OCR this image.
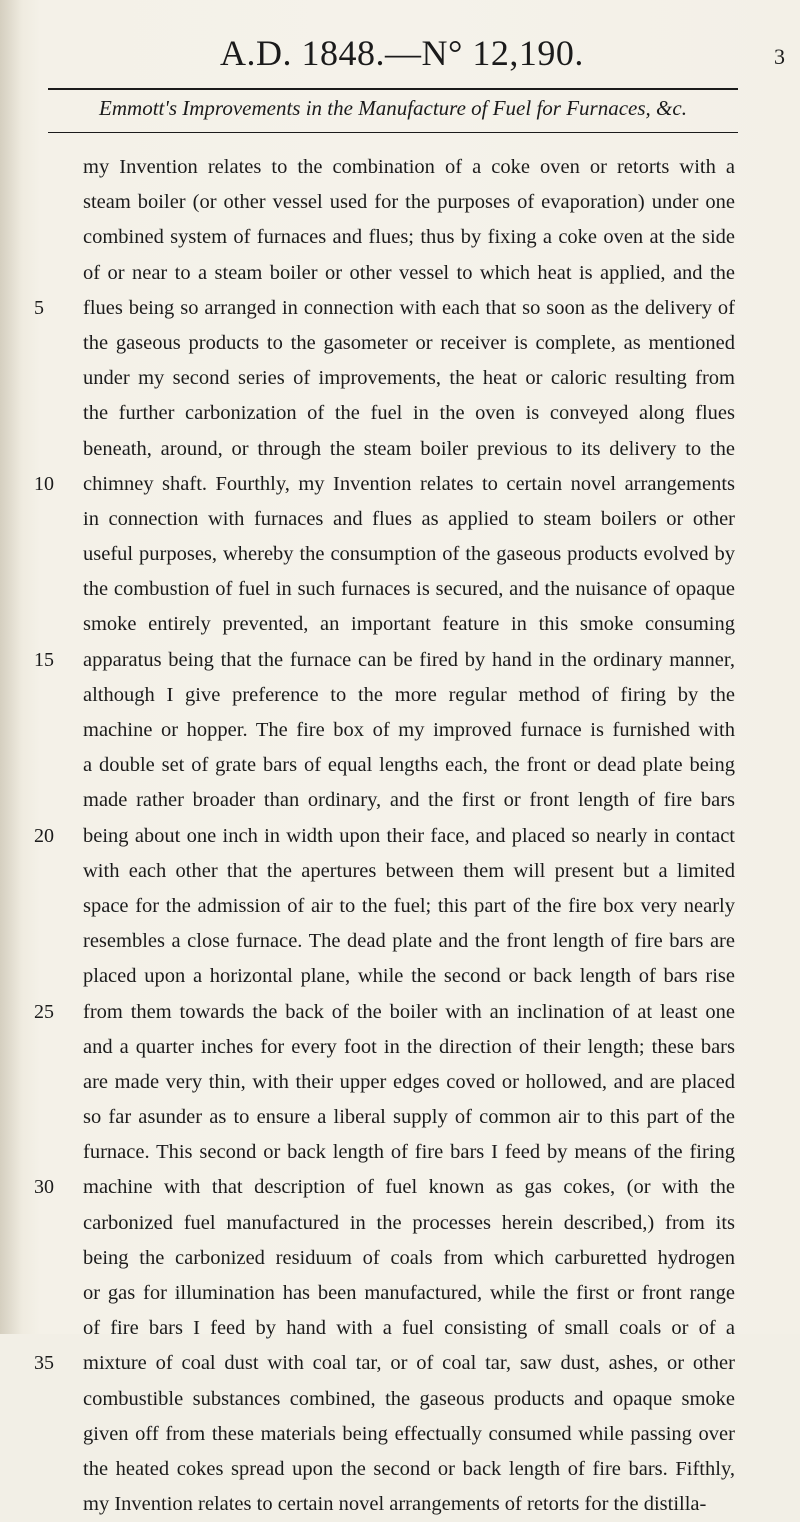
A.D. 1848.—N° 12,190.	3
Emmott's Improvements in the Manufacture of Fuel for Furnaces, &c.
my Invention relates to the combination of a coke oven or retorts with a
steam boiler (or other vessel used for the purposes of evaporation) under one
combined system of furnaces and flues; thus by fixing a coke oven at the side
of or near to a steam boiler or other vessel to which heat is applied, and the
5	flues being so arranged in connection with each that so soon as the delivery of
the gaseous products to the gasometer or receiver is complete, as mentioned
under my second series of improvements, the heat or caloric resulting from
the further carbonization of the fuel in the oven is conveyed along flues
beneath, around, or through the steam boiler previous to its delivery to the
10	chimney shaft. Fourthly, my Invention relates to certain novel arrangements
in connection with furnaces and flues as applied to steam boilers or other
useful purposes, whereby the consumption of the gaseous products evolved by
the combustion of fuel in such furnaces is secured, and the nuisance of opaque
smoke entirely prevented, an important feature in this smoke consuming
15	apparatus being that the furnace can be fired by hand in the ordinary manner,
although I give preference to the more regular method of firing by the
machine or hopper. The fire box of my improved furnace is furnished with
a double set of grate bars of equal lengths each, the front or dead plate being
made rather broader than ordinary, and the first or front length of fire bars
20	being about one inch in width upon their face, and placed so nearly in contact
with each other that the apertures between them will present but a limited
space for the admission of air to the fuel; this part of the fire box very nearly
resembles a close furnace. The dead plate and the front length of fire bars are
placed upon a horizontal plane, while the second or back length of bars rise
25	from them towards the back of the boiler with an inclination of at least one
and a quarter inches for every foot in the direction of their length; these bars
are made very thin, with their upper edges coved or hollowed, and are placed
so far asunder as to ensure a liberal supply of common air to this part of the
furnace. This second or back length of fire bars I feed by means of the firing
30	machine with that description of fuel known as gas cokes, (or with the
carbonized fuel manufactured in the processes herein described,) from its
being the carbonized residuum of coals from which carburetted hydrogen
or gas for illumination has been manufactured, while the first or front range
of fire bars I feed by hand with a fuel consisting of small coals or of a
35	mixture of coal dust with coal tar, or of coal tar, saw dust, ashes, or other
combustible substances combined, the gaseous products and opaque smoke
given off from these materials being effectually consumed while passing over
the heated cokes spread upon the second or back length of fire bars. Fifthly,
my Invention relates to certain novel arrangements of retorts for the distilla-
